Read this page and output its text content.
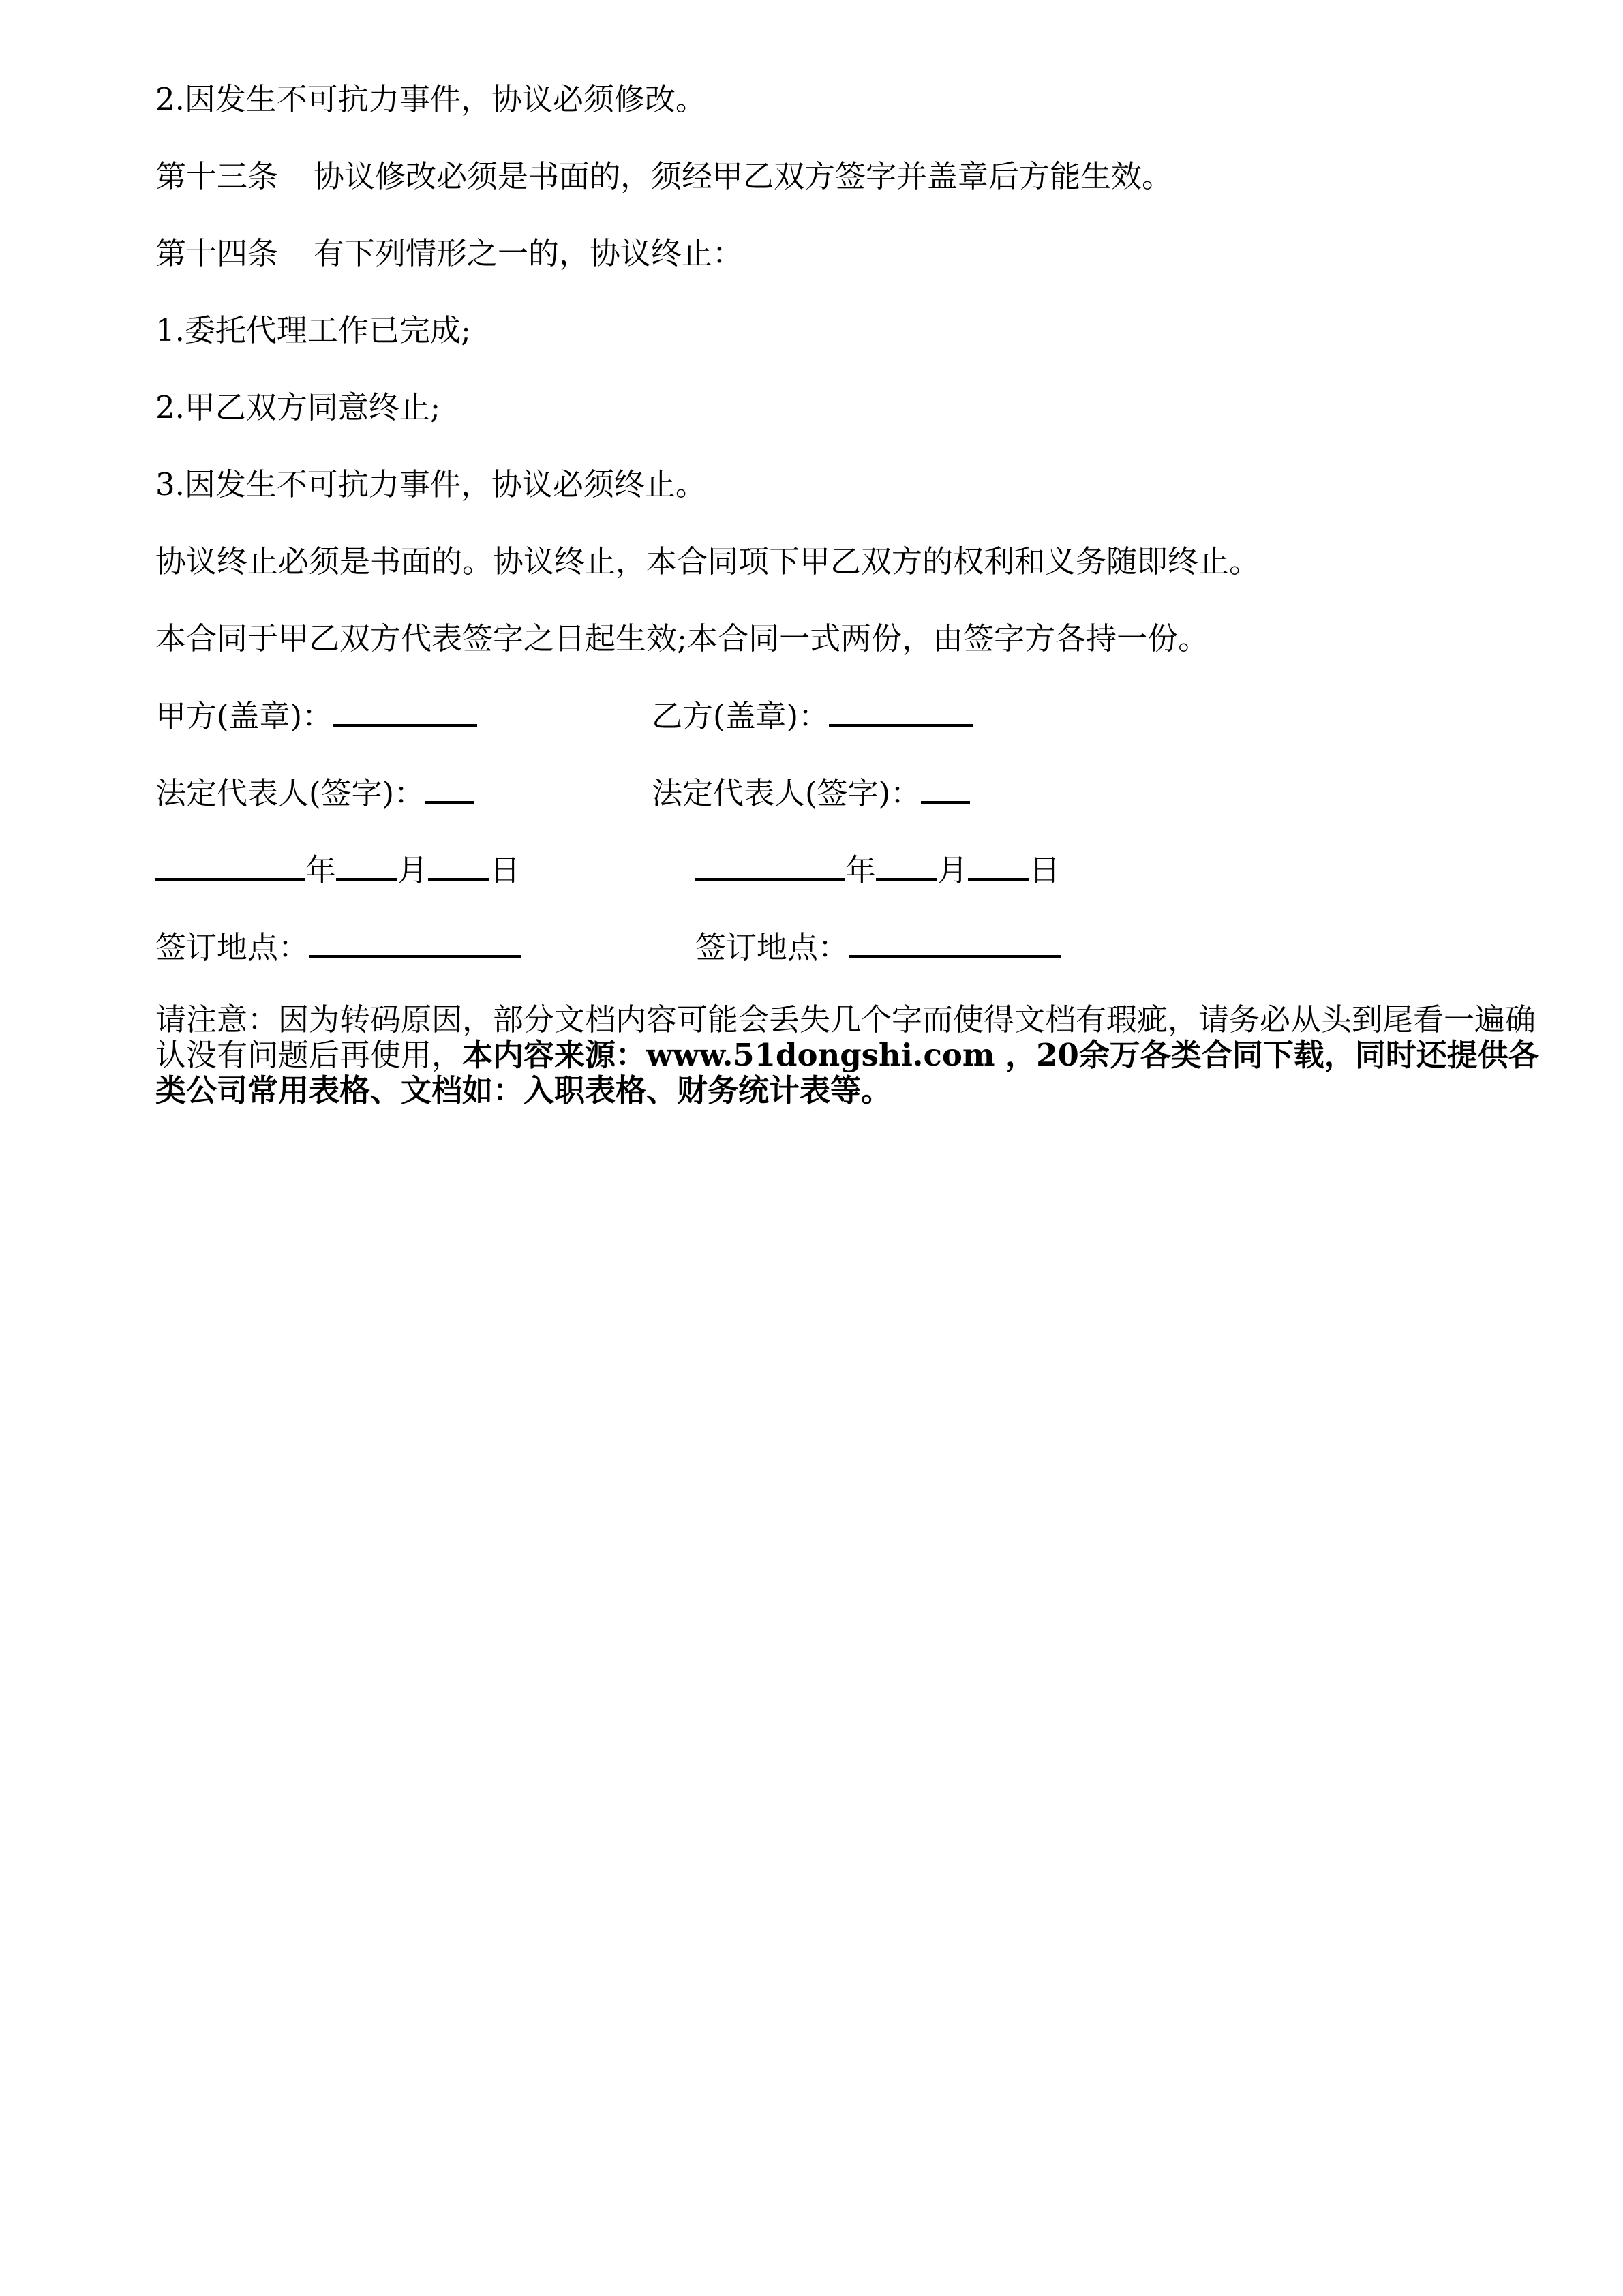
2.因发生不可抗力事件，协议必须修改。
第十三条 协议修改必须是书面的，须经甲乙双方签字并盖章后方能生效。
第十四条 有下列情形之一的，协议终止：
1.委托代理工作已完成;
2.甲乙双方同意终止;
3.因发生不可抗力事件，协议必须终止。
协议终止必须是书面的。协议终止，本合同项下甲乙双方的权利和义务随即终止。
本合同于甲乙双方代表签字之日起生效;本合同一式两份，由签字方各持一份。
甲方(盖章)：	乙方(盖章)：
法定代表人(签字)：	法定代表人(签字)：
年 月 日	年 月 日
签订地点：	签订地点：
请注意：因为转码原因，部分文档内容可能会丢失几个字而使得文档有瑕疵，请务必从头到尾看一遍确认没有问题后再使用，本内容来源：www.51dongshi.com ，20余万各类合同下载，同时还提供各类公司常用表格、文档如：入职表格、财务统计表等。
